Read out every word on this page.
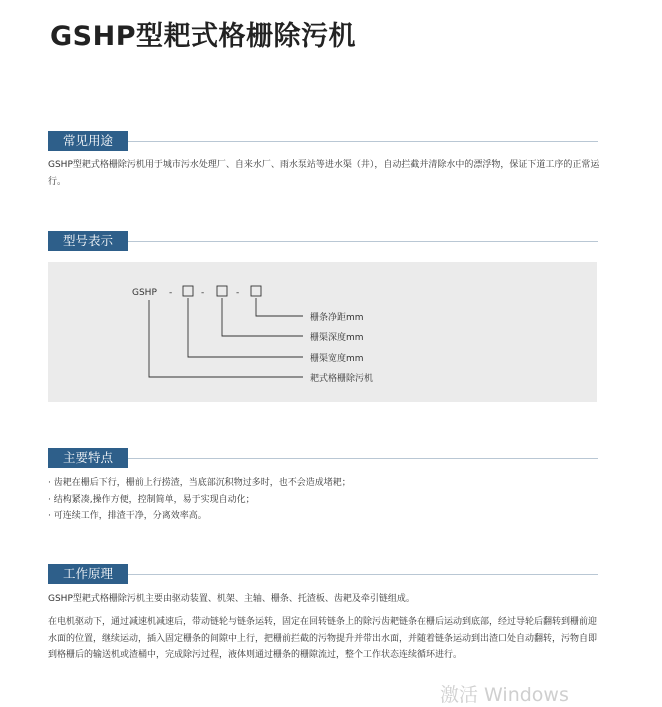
GSHP型耙式格栅除污机
常见用途
GSHP型耙式格栅除污机用于城市污水处理厂、自来水厂、雨水泵站等进水渠（井），自动拦截并清除水中的漂浮物，保证下道工序的正常运行。
型号表示
GSHP -	-	-
栅条净距mm
栅渠深度mm
栅渠宽度mm
耙式格栅除污机
主要特点
· 齿耙在栅后下行，栅前上行捞渣，当底部沉积物过多时，也不会造成堵耙；
· 结构紧凑,操作方便，控制简单，易于实现自动化；
· 可连续工作，排渣干净，分离效率高。
工作原理
GSHP型耙式格栅除污机主要由驱动装置、机架、主轴、栅条、托渣板、齿耙及牵引链组成。
在电机驱动下，通过减速机减速后，带动链轮与链条运转，固定在回转链条上的除污齿耙链条在栅后运动到底部，经过导轮后翻转到栅前迎水面的位置，继续运动，插入固定栅条的间隙中上行，把栅前拦截的污物提升并带出水面，并随着链条运动到出渣口处自动翻转，污物自即到格栅后的输送机或渣桶中，完成除污过程，液体则通过栅条的栅隙流过，整个工作状态连续循环进行。
激活 Windows
